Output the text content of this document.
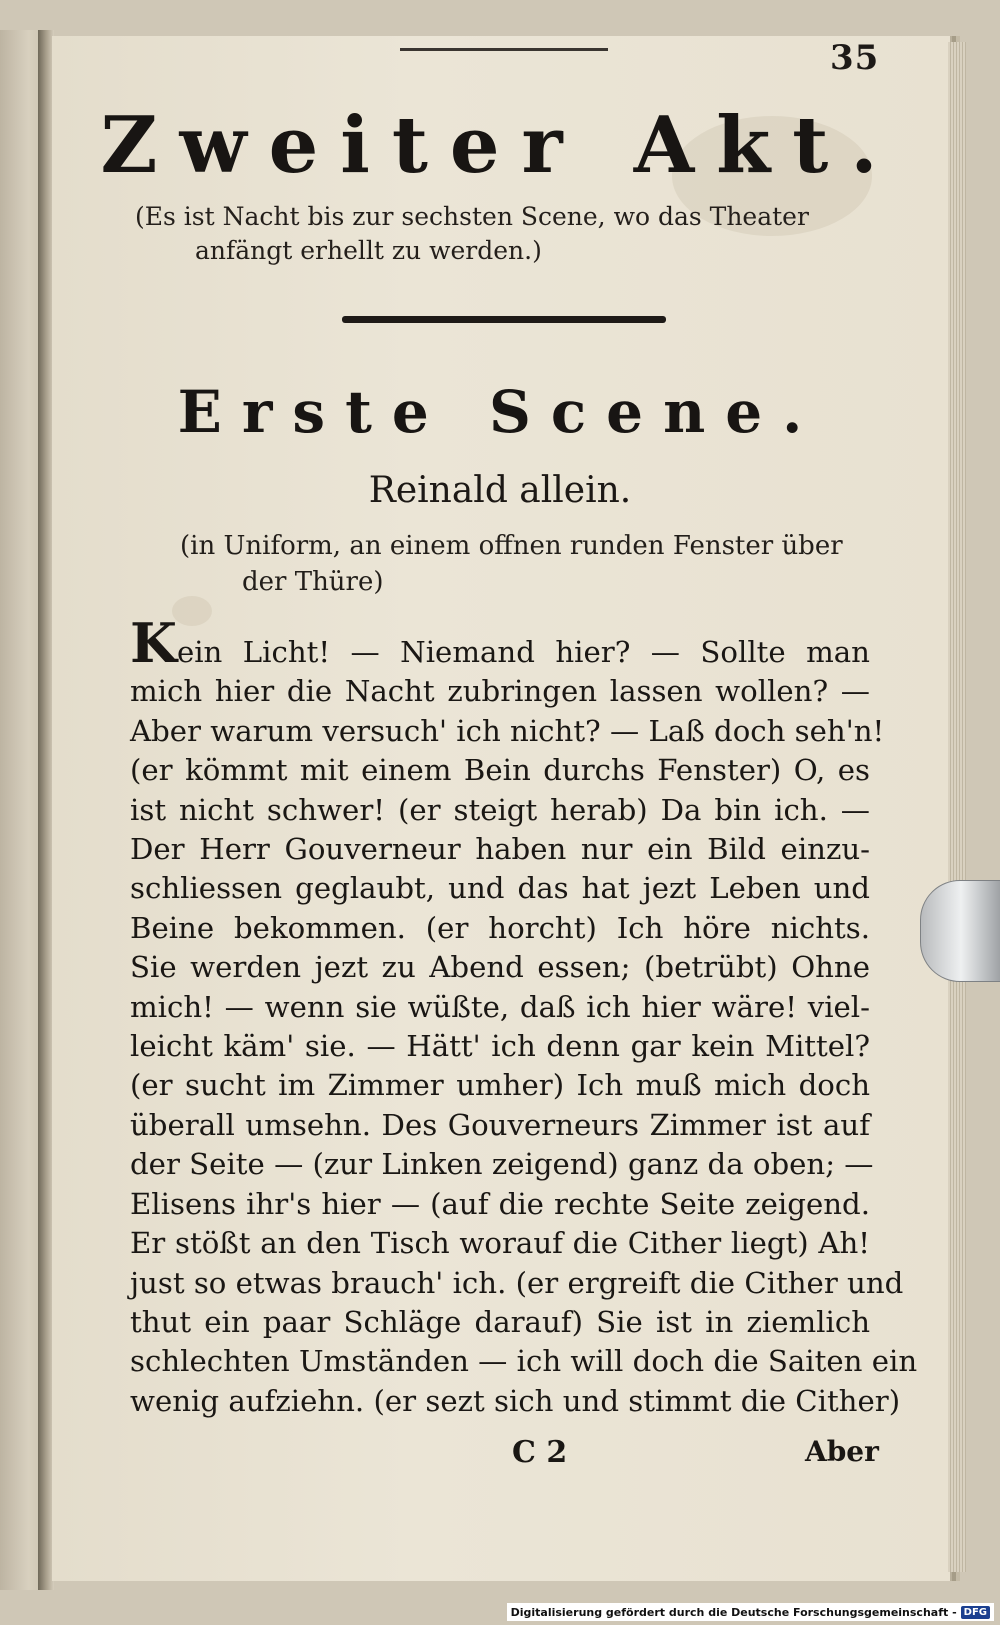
35
Zweiter Akt.
(Es ist Nacht bis zur sechsten Scene, wo das Theater
anfängt erhellt zu werden.)
Erste Scene.
Reinald allein.
(in Uniform, an einem offnen runden Fenster über
der Thüre)
Kein Licht! — Niemand hier? — Sollte man
mich hier die Nacht zubringen lassen wollen? —
Aber warum versuch' ich nicht? — Laß doch seh'n!
(er kömmt mit einem Bein durchs Fenster) O, es
ist nicht schwer! (er steigt herab) Da bin ich. —
Der Herr Gouverneur haben nur ein Bild einzu-
schliessen geglaubt, und das hat jezt Leben und
Beine bekommen. (er horcht) Ich höre nichts.
Sie werden jezt zu Abend essen; (betrübt) Ohne
mich! — wenn sie wüßte, daß ich hier wäre! viel-
leicht käm' sie. — Hätt' ich denn gar kein Mittel?
(er sucht im Zimmer umher) Ich muß mich doch
überall umsehn. Des Gouverneurs Zimmer ist auf
der Seite — (zur Linken zeigend) ganz da oben; —
Elisens ihr's hier — (auf die rechte Seite zeigend.
Er stößt an den Tisch worauf die Cither liegt) Ah!
just so etwas brauch' ich. (er ergreift die Cither und
thut ein paar Schläge darauf) Sie ist in ziemlich
schlechten Umständen — ich will doch die Saiten ein
wenig aufziehn. (er sezt sich und stimmt die Cither)
C 2	Aber
Digitalisierung gefördert durch die Deutsche Forschungsgemeinschaft - DFG
